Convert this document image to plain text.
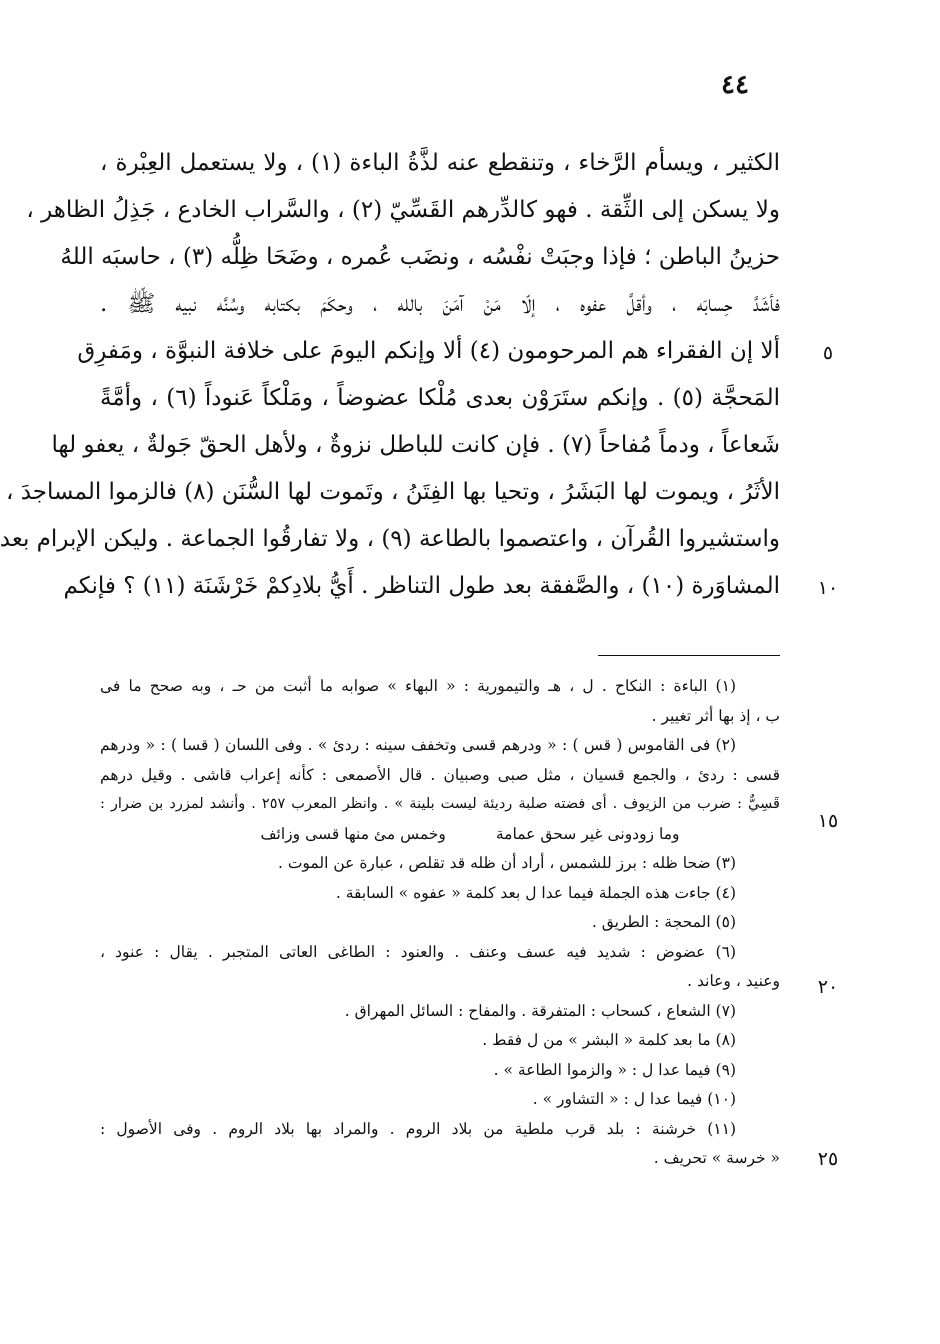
٤٤
الكثير ، ويسأم الرَّخاء ، وتنقطع عنه لذَّةُ الباءة (١) ، ولا يستعمل العِبْرة ،
ولا يسكن إلى الثِّقة . فهو كالدِّرهم القَسِّيّ (٢) ، والسَّراب الخادع ، جَذِلُ الظاهر ،
حزينُ الباطن ؛ فإذا وجبَتْ نفْسُه ، ونضَب عُمره ، وضَحَا ظِلُّه (٣) ، حاسبَه اللهُ
فأشَدَّ حِسابَه ، وأقلَّ عفوه ، إلّا مَنْ آمَنَ بالله ، وحكَمَ بكتابه وسُنَّه نبيه ﷺ .
ألا إن الفقراء هم المرحومون (٤) ألا وإنكم اليومَ على خلافة النبوَّة ، ومَفرِق
المَحجَّة (٥) . وإنكم ستَرَوْن بعدى مُلْكا عضوضاً ، ومَلْكاً عَنوداً (٦) ، وأمَّةً
شَعاعاً ، ودماً مُفاحاً (٧) . فإن كانت للباطل نزوةٌ ، ولأهل الحقّ جَولةٌ ، يعفو لها
الأثَرُ ، ويموت لها البَشَرُ ، وتحيا بها الفِتَنُ ، وتَموت لها السُّنَن (٨) فالزموا المساجدَ ،
واستشيروا القُرآن ، واعتصموا بالطاعة (٩) ، ولا تفارقُوا الجماعة . وليكن الإبرام بعد
المشاوَرة (١٠) ، والصَّفقة بعد طول التناظر . أَيُّ بلادِكمْ خَرْشَنَة (١١) ؟ فإنكم
٥
١٠
(١) الباءة : النكاح . ل ، هـ والتيمورية : « البهاء » صوابه ما أثبت من حـ ، وبه صحح ما فى
ب ، إذ بها أثر تغيير .
(٢) فى القاموس ( قس ) : « ودرهم قسى وتخفف سينه : ردئ » . وفى اللسان ( قسا ) : « ودرهم
قسى : ردئ ، والجمع قسيان ، مثل صبى وصبيان . قال الأصمعى : كأنه إعراب قاشى . وقيل درهم
قَسِيٌّ : ضرب من الزيوف . أى فضته صلبة رديئة ليست بلينة » . وانظر المعرب ٢٥٧ . وأنشد لمزرد بن ضرار :
وما زودونى غير سحق عمامة
وخمس مئ منها قسى وزائف
(٣) ضحا ظله : برز للشمس ، أراد أن ظله قد تقلص ، عبارة عن الموت .
(٤) جاءت هذه الجملة فيما عدا ل بعد كلمة « عفوه » السابقة .
(٥) المحجة : الطريق .
(٦) عضوض : شديد فيه عسف وعنف . والعنود : الطاغى العاتى المتجبر . يقال : عنود ،
وعنيد ، وعاند .
(٧) الشعاع ، كسحاب : المتفرقة . والمفاح : السائل المهراق .
(٨) ما بعد كلمة « البشر » من ل فقط .
(٩) فيما عدا ل : « والزموا الطاعة » .
(١٠) فيما عدا ل : « التشاور » .
(١١) خرشنة : بلد قرب ملطية من بلاد الروم . والمراد بها بلاد الروم . وفى الأصول :
« خرسة » تحريف .
١٥
٢٠
٢٥
